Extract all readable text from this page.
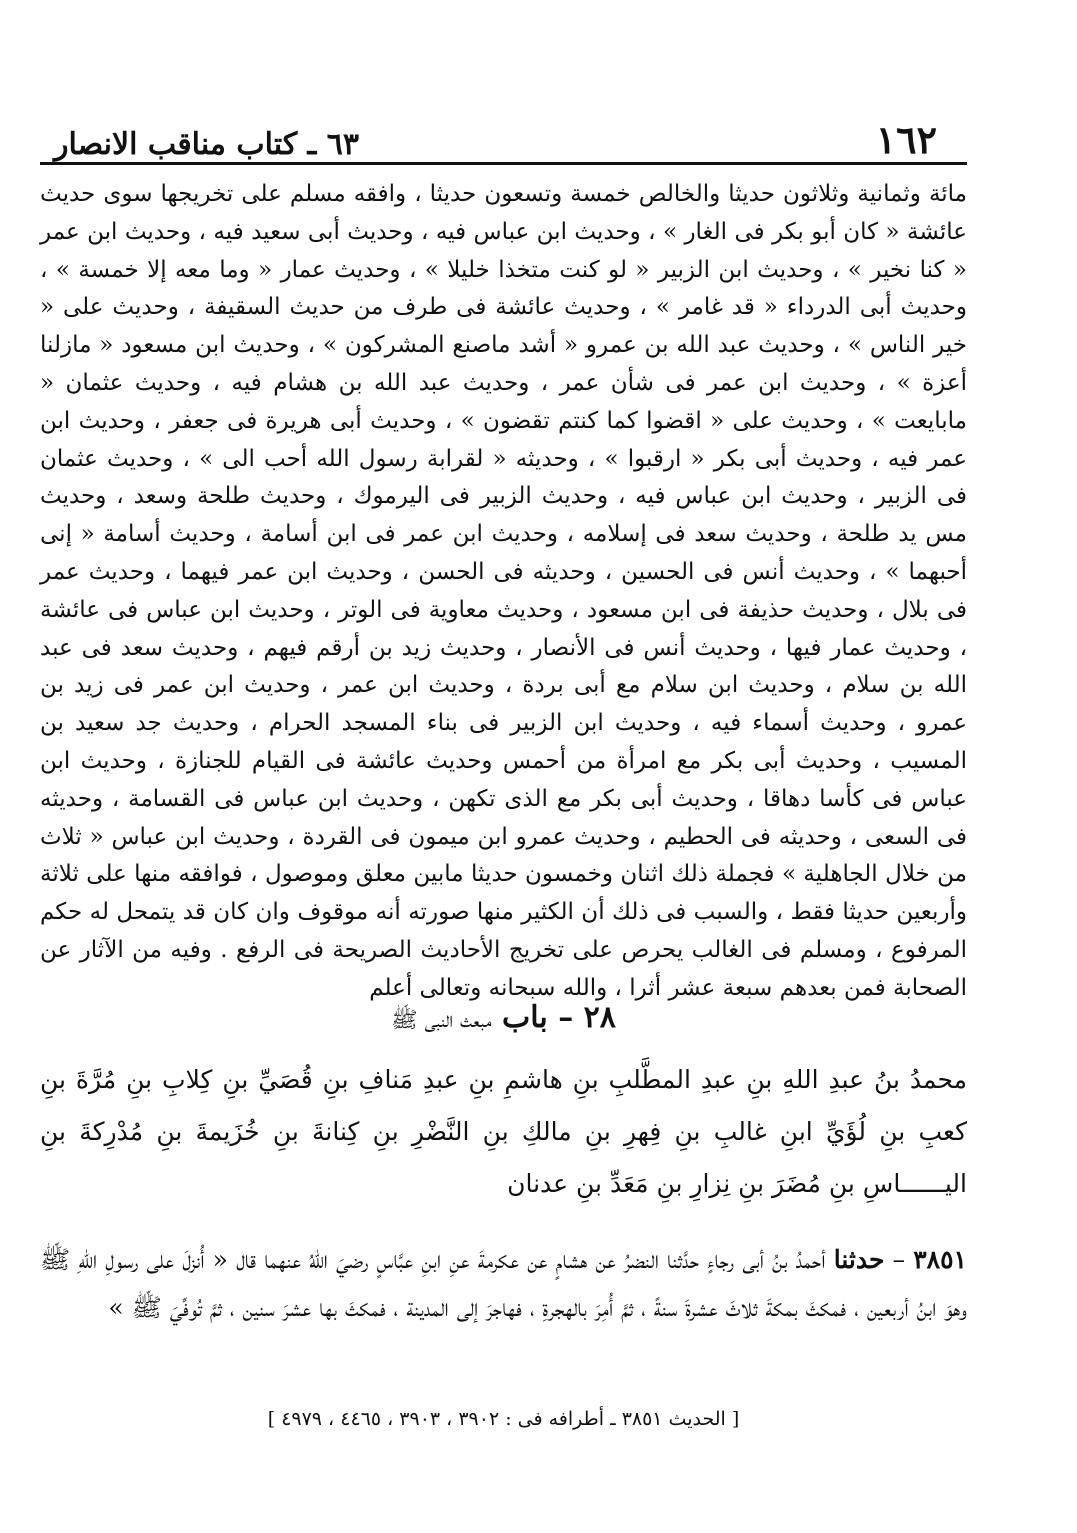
٦٣ ـ كتاب مناقب الانصار	١٦٢
مائة وثمانية وثلاثون حديثا والخالص خمسة وتسعون حديثا ، وافقه مسلم على تخريجها سوى حديث عائشة « كان أبو بكر فى الغار » ، وحديث ابن عباس فيه ، وحديث أبى سعيد فيه ، وحديث ابن عمر « كنا نخير » ، وحديث ابن الزبير « لو كنت متخذا خليلا » ، وحديث عمار « وما معه إلا خمسة » ، وحديث أبى الدرداء « قد غامر » ، وحديث عائشة فى طرف من حديث السقيفة ، وحديث على « خير الناس » ، وحديث عبد الله بن عمرو « أشد ماصنع المشركون » ، وحديث ابن مسعود « مازلنا أعزة » ، وحديث ابن عمر فى شأن عمر ، وحديث عبد الله بن هشام فيه ، وحديث عثمان « مابايعت » ، وحديث على « اقضوا كما كنتم تقضون » ، وحديث أبى هريرة فى جعفر ، وحديث ابن عمر فيه ، وحديث أبى بكر « ارقبوا » ، وحديثه « لقرابة رسول الله أحب الى » ، وحديث عثمان فى الزبير ، وحديث ابن عباس فيه ، وحديث الزبير فى اليرموك ، وحديث طلحة وسعد ، وحديث مس يد طلحة ، وحديث سعد فى إسلامه ، وحديث ابن عمر فى ابن أسامة ، وحديث أسامة « إنى أحبهما » ، وحديث أنس فى الحسين ، وحديثه فى الحسن ، وحديث ابن عمر فيهما ، وحديث عمر فى بلال ، وحديث حذيفة فى ابن مسعود ، وحديث معاوية فى الوتر ، وحديث ابن عباس فى عائشة ، وحديث عمار فيها ، وحديث أنس فى الأنصار ، وحديث زيد بن أرقم فيهم ، وحديث سعد فى عبد الله بن سلام ، وحديث ابن سلام مع أبى بردة ، وحديث ابن عمر ، وحديث ابن عمر فى زيد بن عمرو ، وحديث أسماء فيه ، وحديث ابن الزبير فى بناء المسجد الحرام ، وحديث جد سعيد بن المسيب ، وحديث أبى بكر مع امرأة من أحمس وحديث عائشة فى القيام للجنازة ، وحديث ابن عباس فى كأسا دهاقا ، وحديث أبى بكر مع الذى تكهن ، وحديث ابن عباس فى القسامة ، وحديثه فى السعى ، وحديثه فى الحطيم ، وحديث عمرو ابن ميمون فى القردة ، وحديث ابن عباس « ثلاث من خلال الجاهلية » فجملة ذلك اثنان وخمسون حديثا مابين معلق وموصول ، فوافقه منها على ثلاثة وأربعين حديثا فقط ، والسبب فى ذلك أن الكثير منها صورته أنه موقوف وان كان قد يتمحل له حكم المرفوع ، ومسلم فى الغالب يحرص على تخريج الأحاديث الصريحة فى الرفع . وفيه من الآثار عن الصحابة فمن بعدهم سبعة عشر أثرا ، والله سبحانه وتعالى أعلم
٢٨ – باب مبعث النبى ﷺ
محمدُ بنُ عبدِ اللهِ بنِ عبدِ المطَّلبِ بنِ هاشمِ بنِ عبدِ مَنافِ بنِ قُصَيِّ بنِ كِلابِ بنِ مُرَّةَ بنِ كعبِ بنِ لُؤَيِّ ابنِ غالبِ بنِ فِهرِ بنِ مالكِ بنِ النَّضْرِ بنِ كِنانةَ بنِ خُزَيمةَ بنِ مُدْرِكةَ بنِ اليــــــاسِ بنِ مُضَرَ بنِ نِزارِ بنِ مَعَدِّ بنِ عدنان
٣٨٥١ – حدثنا أحمدُ بنُ أبى رجاءٍ حدَّثنا النضرُ عن هشامٍ عن عكرمةَ عنِ ابنِ عبَّاسٍ رضيَ اللهُ عنهما قال « أُنزلَ على رسولِ اللهِ ﷺ وهوَ ابنُ أربعين ، فمكثَ بمكةَ ثلاثَ عشرةَ سنةً ، ثمَّ أُمِرَ بالهجرةِ ، فهاجرَ إلى المدينة ، فمكثَ بها عشرَ سنين ، ثمَّ تُوفِّيَ ﷺ »
[ الحديث ٣٨٥١ ـ أطرافه فى : ٣٩٠٢ ، ٣٩٠٣ ، ٤٤٦٥ ، ٤٩٧٩ ]
